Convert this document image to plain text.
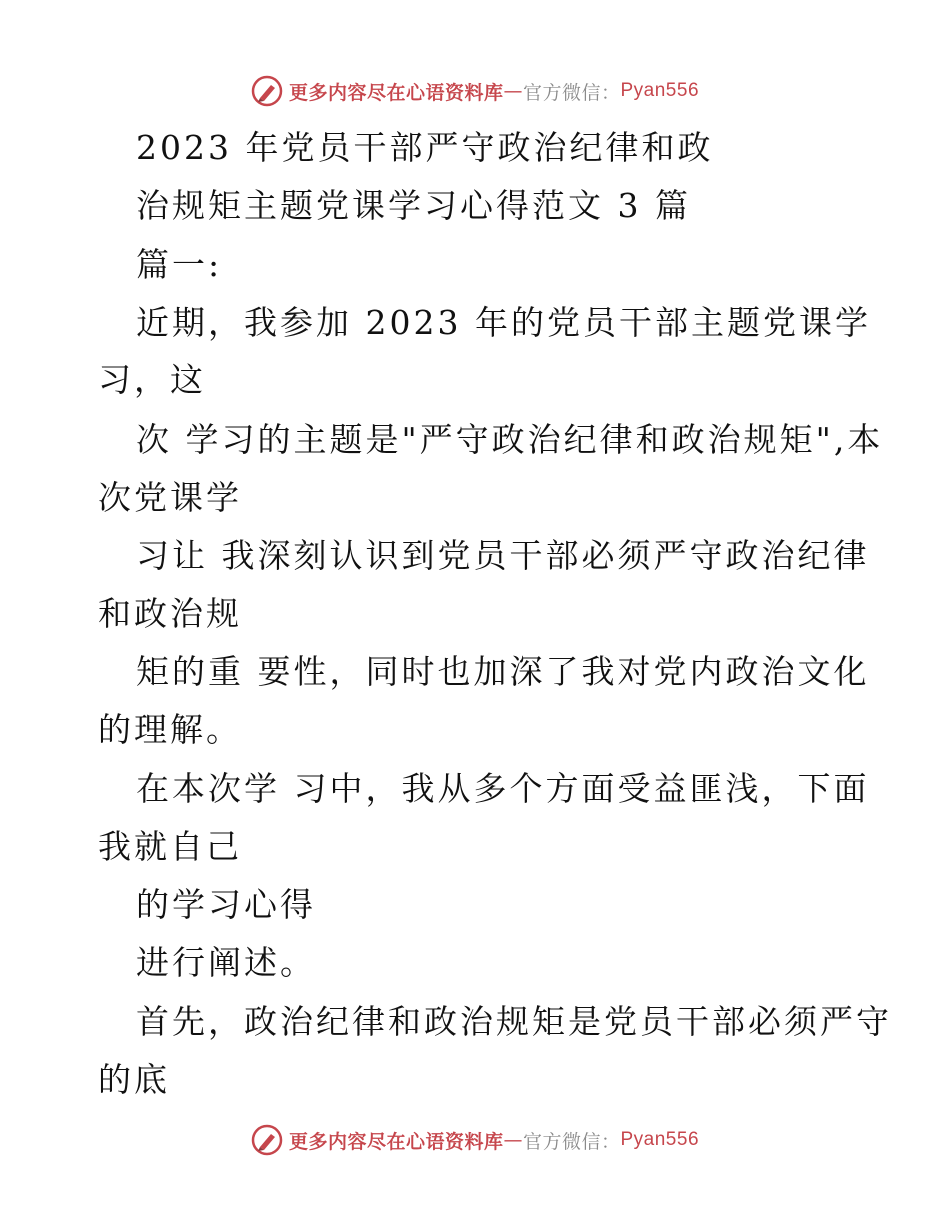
更多内容尽在心语资料库 — 官方微信： Pyan556
2023 年党员干部严守政治纪律和政
治规矩主题党课学习心得范文 3 篇
篇一:
近期，我参加 2023 年的党员干部主题党课学
习，这
次 学习的主题是"严守政治纪律和政治规矩",本
次党课学
习让 我深刻认识到党员干部必须严守政治纪律
和政治规
矩的重 要性，同时也加深了我对党内政治文化
的理解。
在本次学 习中，我从多个方面受益匪浅，下面
我就自己
的学习心得
进行阐述。
首先，政治纪律和政治规矩是党员干部必须严守
的底
更多内容尽在心语资料库 — 官方微信： Pyan556
